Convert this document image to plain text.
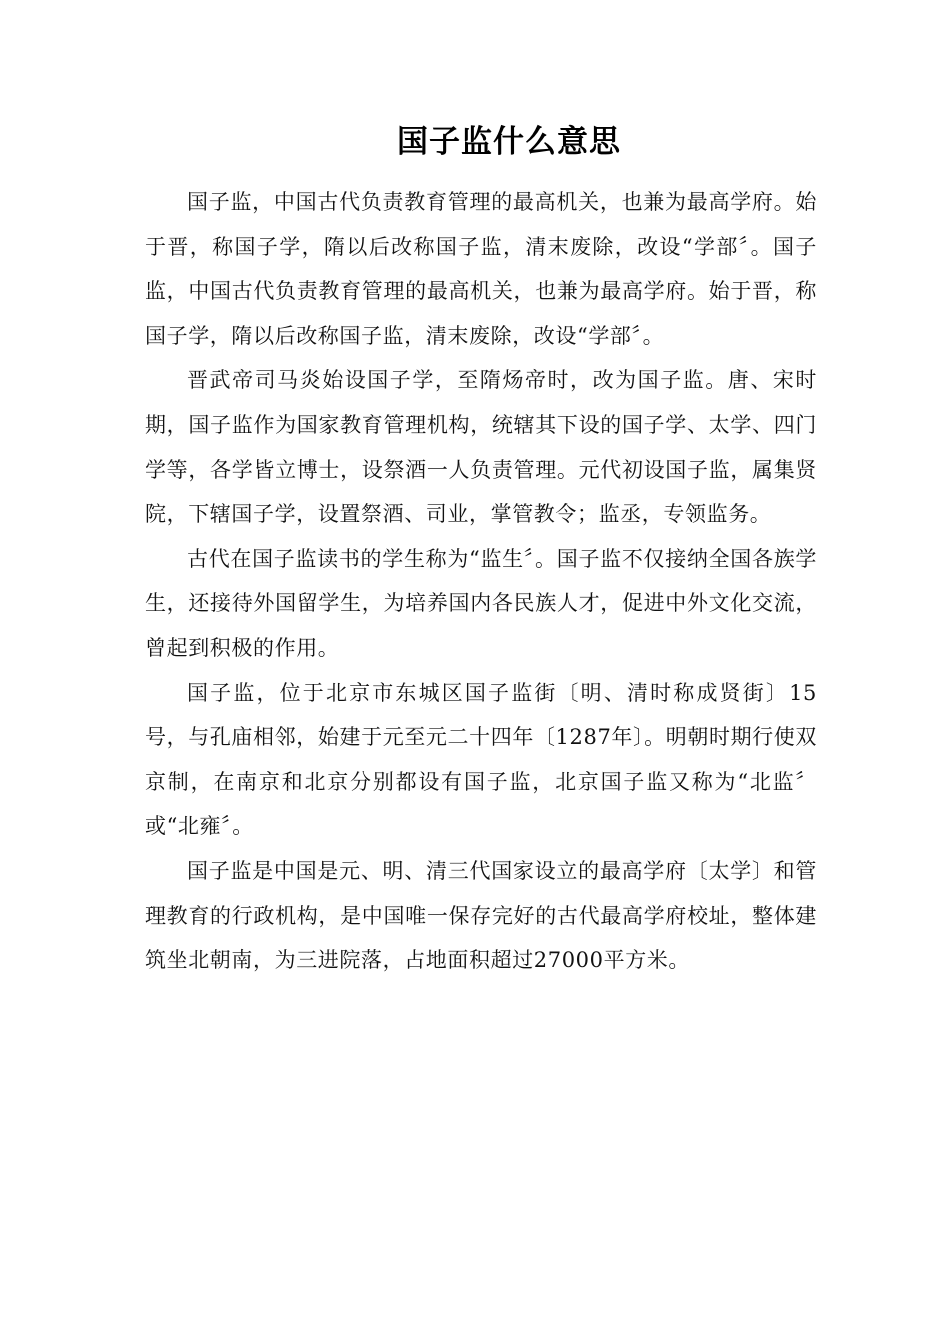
国子监什么意思

国子监，中国古代负责教育管理的最高机关，也兼为最高学府。始于晋，称国子学，隋以后改称国子监，清末废除，改设“学部〞。国子监，中国古代负责教育管理的最高机关，也兼为最高学府。始于晋，称国子学，隋以后改称国子监，清末废除，改设“学部〞。

晋武帝司马炎始设国子学，至隋炀帝时，改为国子监。唐、宋时期，国子监作为国家教育管理机构，统辖其下设的国子学、太学、四门学等，各学皆立博士，设祭酒一人负责管理。元代初设国子监，属集贤院，下辖国子学，设置祭酒、司业，掌管教令；监丞，专领监务。

古代在国子监读书的学生称为“监生〞。国子监不仅接纳全国各族学生，还接待外国留学生，为培养国内各民族人才，促进中外文化交流，曾起到积极的作用。

国子监，位于北京市东城区国子监街〔明、清时称成贤街〕15号，与孔庙相邻，始建于元至元二十四年〔1287年〕。明朝时期行使双京制，在南京和北京分别都设有国子监，北京国子监又称为“北监〞或“北雍〞。

国子监是中国是元、明、清三代国家设立的最高学府〔太学〕和管理教育的行政机构，是中国唯一保存完好的古代最高学府校址，整体建筑坐北朝南，为三进院落，占地面积超过27000平方米。
